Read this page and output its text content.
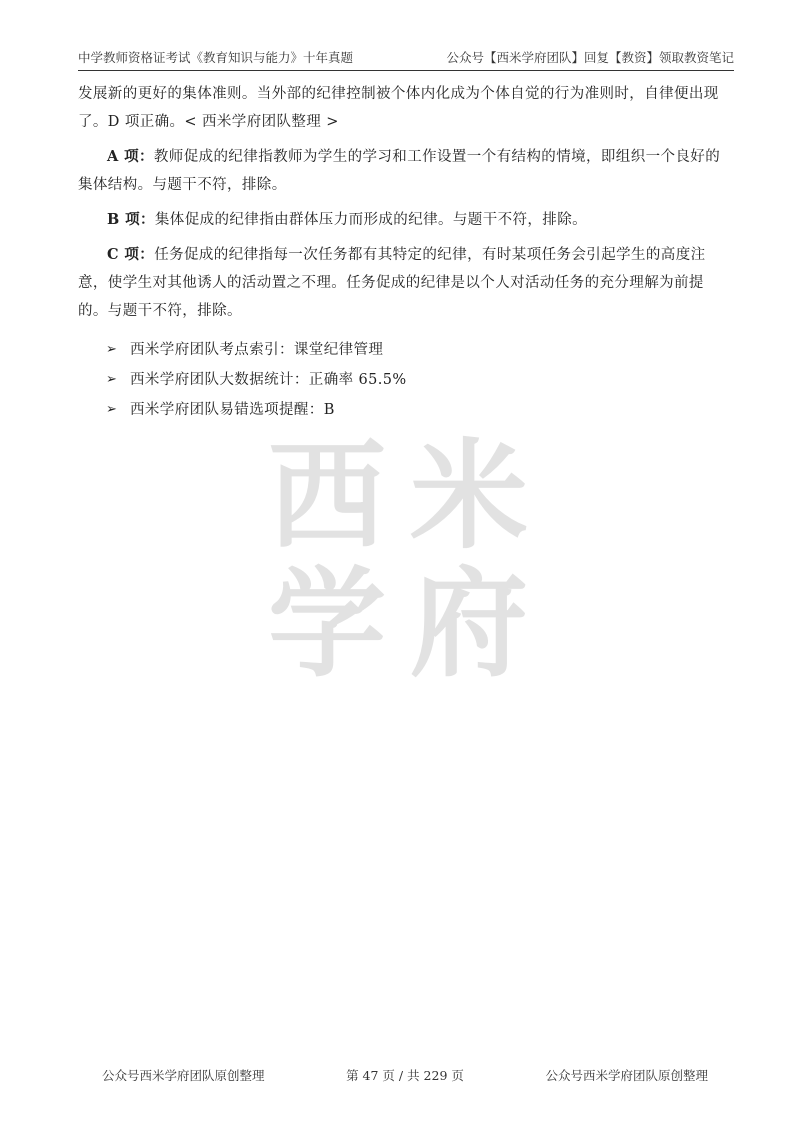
中学教师资格证考试《教育知识与能力》十年真题	公众号【西米学府团队】回复【教资】领取教资笔记
西 米
学 府

发展新的更好的集体准则。当外部的纪律控制被个体内化成为个体自觉的行为准则时，自律便出现了。D 项正确。< 西米学府团队整理 >

A 项：教师促成的纪律指教师为学生的学习和工作设置一个有结构的情境，即组织一个良好的集体结构。与题干不符，排除。

B 项：集体促成的纪律指由群体压力而形成的纪律。与题干不符，排除。

C 项：任务促成的纪律指每一次任务都有其特定的纪律，有时某项任务会引起学生的高度注意，使学生对其他诱人的活动置之不理。任务促成的纪律是以个人对活动任务的充分理解为前提的。与题干不符，排除。

➢ 西米学府团队考点索引：课堂纪律管理
➢ 西米学府团队大数据统计：正确率 65.5%
➢ 西米学府团队易错选项提醒：B
公众号西米学府团队原创整理	第 47 页 / 共 229 页	公众号西米学府团队原创整理
